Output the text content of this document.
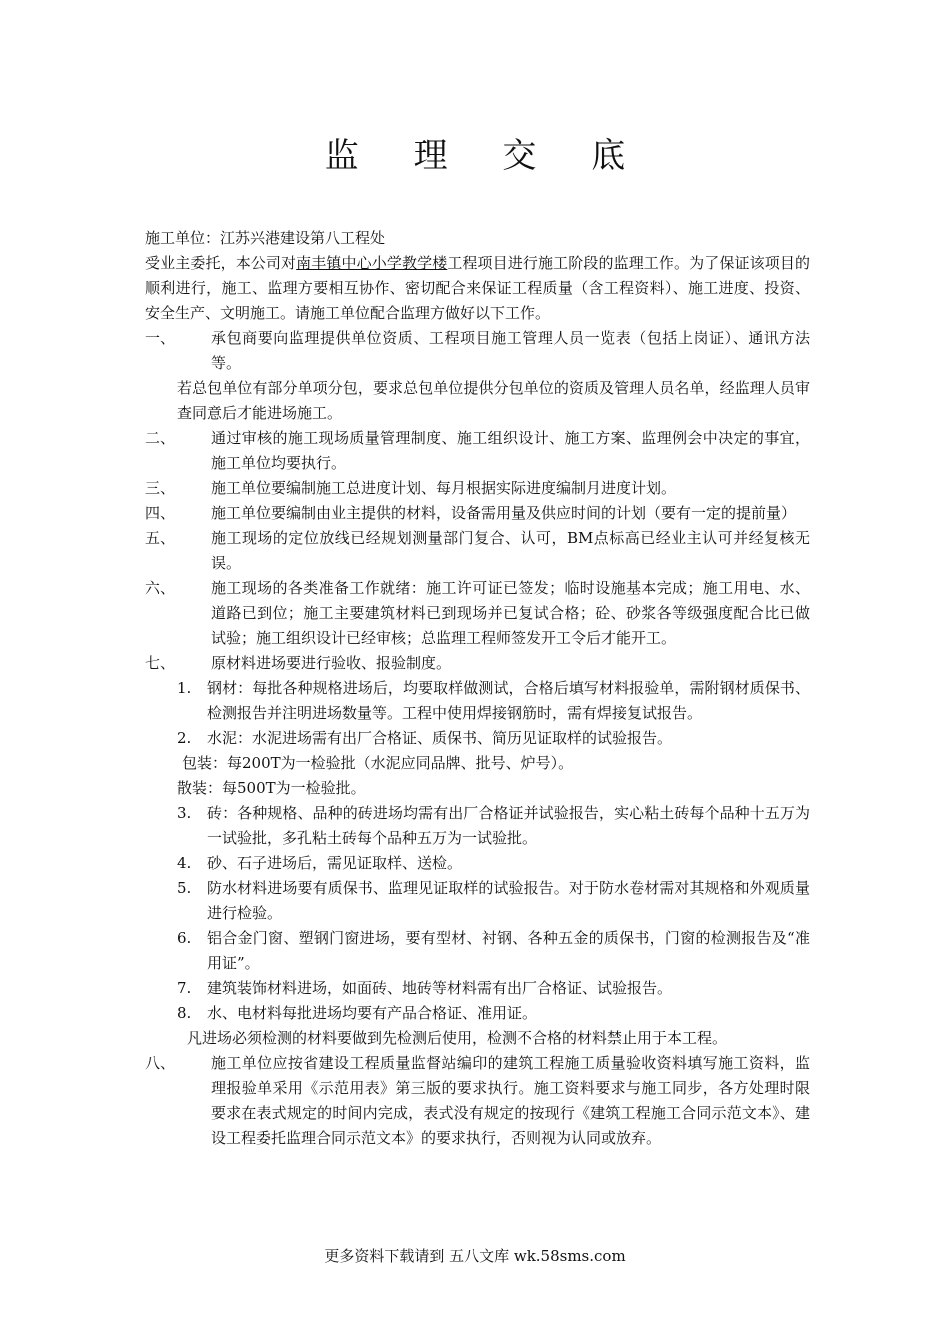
监 理 交 底

施工单位：江苏兴港建设第八工程处

受业主委托，本公司对南丰镇中心小学教学楼工程项目进行施工阶段的监理工作。为了保证该项目的顺利进行，施工、监理方要相互协作、密切配合来保证工程质量（含工程资料）、施工进度、投资、安全生产、文明施工。请施工单位配合监理方做好以下工作。

一、	承包商要向监理提供单位资质、工程项目施工管理人员一览表（包括上岗证）、通讯方法等。

若总包单位有部分单项分包，要求总包单位提供分包单位的资质及管理人员名单，经监理人员审查同意后才能进场施工。

二、	通过审核的施工现场质量管理制度、施工组织设计、施工方案、监理例会中决定的事宜，施工单位均要执行。
三、	施工单位要编制施工总进度计划、每月根据实际进度编制月进度计划。
四、	施工单位要编制由业主提供的材料，设备需用量及供应时间的计划（要有一定的提前量）
五、	施工现场的定位放线已经规划测量部门复合、认可，BM点标高已经业主认可并经复核无误。
六、	施工现场的各类准备工作就绪：施工许可证已签发；临时设施基本完成；施工用电、水、道路已到位；施工主要建筑材料已到现场并已复试合格；砼、砂浆各等级强度配合比已做试验；施工组织设计已经审核；总监理工程师签发开工令后才能开工。
七、	原材料进场要进行验收、报验制度。
1.	钢材：每批各种规格进场后，均要取样做测试，合格后填写材料报验单，需附钢材质保书、检测报告并注明进场数量等。工程中使用焊接钢筋时，需有焊接复试报告。
2.	水泥：水泥进场需有出厂合格证、质保书、简历见证取样的试验报告。

包装：每200T为一检验批（水泥应同品牌、批号、炉号）。

散装：每500T为一检验批。

3.	砖：各种规格、品种的砖进场均需有出厂合格证并试验报告，实心粘土砖每个品种十五万为一试验批，多孔粘土砖每个品种五万为一试验批。
4.	砂、石子进场后，需见证取样、送检。
5.	防水材料进场要有质保书、监理见证取样的试验报告。对于防水卷材需对其规格和外观质量进行检验。
6.	铝合金门窗、塑钢门窗进场，要有型材、衬钢、各种五金的质保书，门窗的检测报告及“准用证”。
7.	建筑装饰材料进场，如面砖、地砖等材料需有出厂合格证、试验报告。
8.	水、电材料每批进场均要有产品合格证、准用证。

凡进场必须检测的材料要做到先检测后使用，检测不合格的材料禁止用于本工程。

八、	施工单位应按省建设工程质量监督站编印的建筑工程施工质量验收资料填写施工资料，监理报验单采用《示范用表》第三版的要求执行。施工资料要求与施工同步，各方处理时限要求在表式规定的时间内完成，表式没有规定的按现行《建筑工程施工合同示范文本》、建设工程委托监理合同示范文本》的要求执行，否则视为认同或放弃。
更多资料下载请到 五八文库 wk.58sms.com
